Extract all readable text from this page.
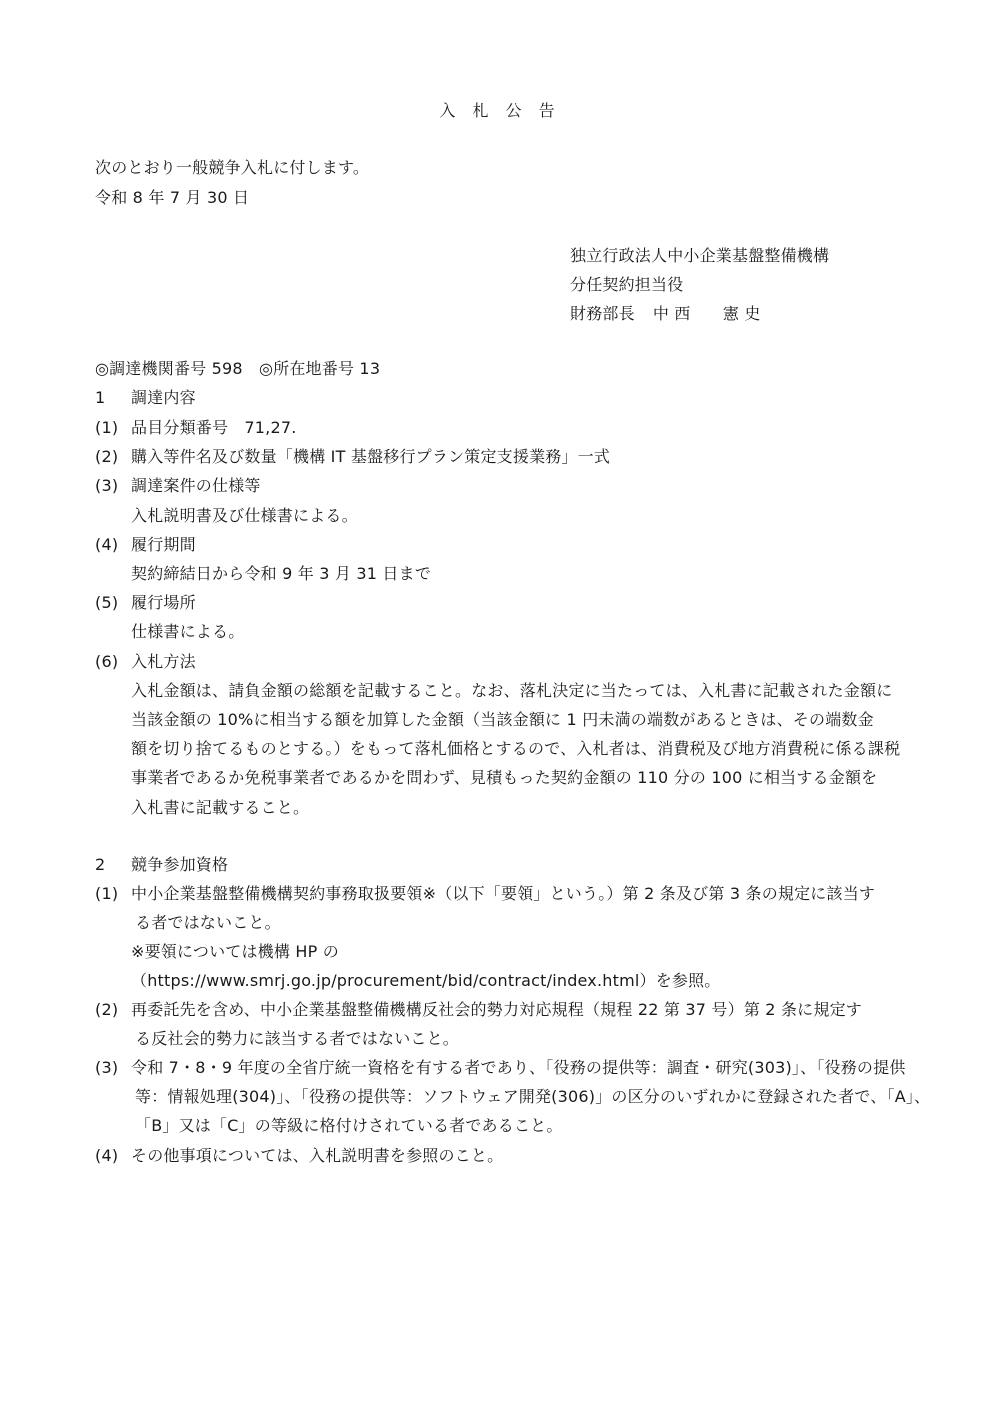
入 札 公 告
次のとおり一般競争入札に付します。
令和 8 年 7 月 30 日
独立行政法人中小企業基盤整備機構
分任契約担当役
財務部長 中 西　　憲 史
◎調達機関番号 598　◎所在地番号 13
1 調達内容
(1) 品目分類番号　71,27.
(2) 購入等件名及び数量「機構 IT 基盤移行プラン策定支援業務」一式
(3) 調達案件の仕様等
入札説明書及び仕様書による。
(4) 履行期間
契約締結日から令和 9 年 3 月 31 日まで
(5) 履行場所
仕様書による。
(6) 入札方法
入札金額は、請負金額の総額を記載すること。なお、落札決定に当たっては、入札書に記載された金額に
当該金額の 10%に相当する額を加算した金額（当該金額に 1 円未満の端数があるときは、その端数金
額を切り捨てるものとする。）をもって落札価格とするので、入札者は、消費税及び地方消費税に係る課税
事業者であるか免税事業者であるかを問わず、見積もった契約金額の 110 分の 100 に相当する金額を
入札書に記載すること。
2 競争参加資格
(1) 中小企業基盤整備機構契約事務取扱要領※（以下「要領」という。）第 2 条及び第 3 条の規定に該当す
る者ではないこと。
※要領については機構 HP の
（https://www.smrj.go.jp/procurement/bid/contract/index.html）を参照。
(2) 再委託先を含め、中小企業基盤整備機構反社会的勢力対応規程（規程 22 第 37 号）第 2 条に規定す
る反社会的勢力に該当する者ではないこと。
(3) 令和 7・8・9 年度の全省庁統一資格を有する者であり、「役務の提供等：調査・研究(303)」、「役務の提供
等：情報処理(304)」、「役務の提供等：ソフトウェア開発(306)」の区分のいずれかに登録された者で、「A」、
「B」又は「C」の等級に格付けされている者であること。
(4) その他事項については、入札説明書を参照のこと。
